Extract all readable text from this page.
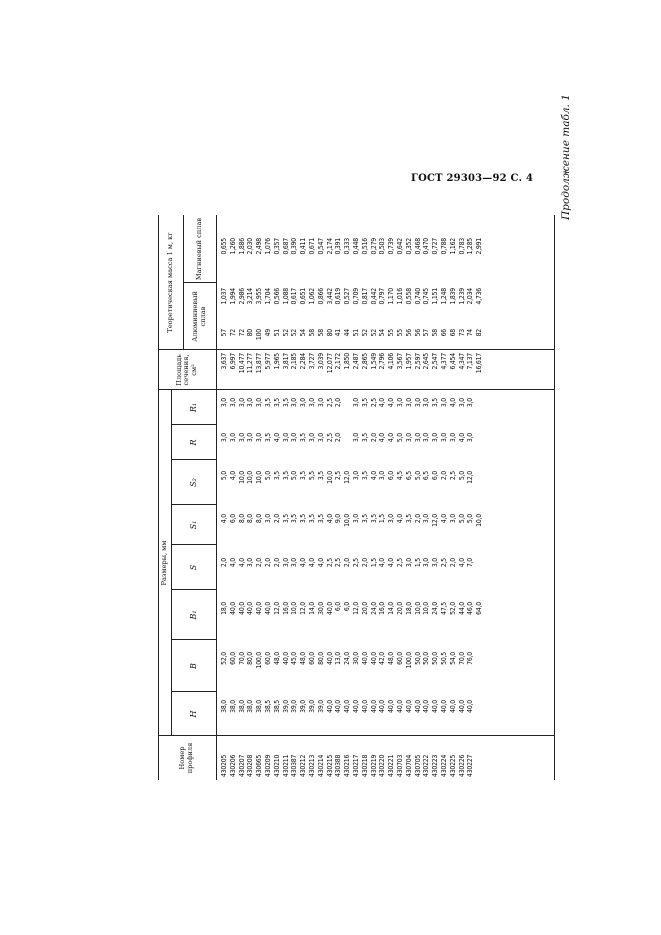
ГОСТ 29303—92 С. 4	Продолжение табл. 1
Номер профиля
Размеры, мм
H
B
B₁
S
S₁
S₂
R
R₁
Площадь сечения, см²
Теоретическая масса 1 м, кг	Алюминиевый сплав
Магниевый сплав
430205 430206 430207 430208 430665 430209 430210 430211 430387 430212 430213 430214 430215 430388 430216 430217 430218 430219 430220 430221 430703 430704 430705 430222 430223 430224 430225 430226 430227
38,0 38,0 38,0 38,0 38,0 38,5 38,5 39,0 39,0 39,0 39,0 39,0 40,0 40,0 40,0 40,0 40,0 40,0 40,0 40,0 40,0 40,0 40,0 40,0 40,0 40,0 40,0 40,0 40,0
52,0 60,0 70,0 80,0 100,0 60,0 48,0 40,0 45,0 48,0 60,0 80,0 40,0 13,0 24,0 30,0 40,0 40,0 42,0 48,0 60,0 100,0 50,0 50,0 50,0 50,5 54,0 70,0 76,0
18,0 40,0 40,0 40,0 40,0 40,0 12,0 16,0 10,0 12,0 14,0 30,0 40,0 6,0 6,0 12,0 20,0 24,0 16,0 14,0 20,0 18,0 10,0 10,0 24,0 47,5 52,0 44,0 46,0 64,0
2,0 4,0 4,0 3,0 2,0 2,0 2,0 3,0 3,0 4,0 4,0 4,0 2,5 2,5 2,0 2,5 2,0 1,5 4,0 4,0 2,5 3,0 1,5 3,0 3,0 2,5 2,0 4,0 7,0
4,0 6,0 8,0 8,0 8,0 3,0 2,0 3,5 3,5 3,5 3,5 3,5 4,0 9,0 10,0 3,0 3,5 3,5 1,5 3,0 4,0 3,5 2,0 3,0 12,0 4,0 3,0 5,0 5,0 10,0
5,0 4,0 10,0 10,0 10,0 5,0 3,5 3,5 5,0 3,5 5,5 3,5 10,0 2,5 12,0 3,0 3,5 4,0 3,0 6,0 4,5 6,5 5,0 6,5 6,0 2,0 2,5 5,0 12,0
3,0 3,0 3,0 3,0 3,0 3,5 4,0 3,0 3,0 3,5 3,0 3,0 2,5 2,0 3,0 3,5 2,0 4,0 4,0 5,0 3,0 3,0 3,0 3,0 3,0 3,0 4,0 3,0
3,0 3,0 3,0 3,0 3,0 3,5 3,5 3,5 3,0 3,0 3,0 3,0 2,5 2,0 3,0 3,5 2,5 4,0 4,0 3,0 3,0 3,0 3,0 3,5 3,0 4,0 3,0 3,0
3,637 6,997 10,477 11,277 13,877 5,977 1,965 3,817 2,185 2,284 3,727 3,039 12,077 2,172 1,850 2,487 2,865 1,549 2,796 4,106 3,567 1,957 2,597 2,645 2,547 4,377 6,454 4,347 7,137 16,617
57 72 72 80 100 49 51 52 52 54 58 58 80 41 44 51 52 52 54 55 55 56 56 57 58 66 68 73 74 82
1,037 1,994 2,986 3,214 3,955 1,704 0,566 1,088 0,617 0,651 1,062 0,866 3,442 0,619 0,527 0,709 0,817 0,442 0,797 1,170 1,016 0,558 0,740 0,745 1,151 1,248 1,839 1,239 2,034 4,736
0,655 1,260 1,886 2,030 2,498 1,076 0,357 0,687 0,390 0,411 0,671 0,547 2,174 0,391 0,333 0,448 0,516 0,279 0,503 0,739 0,642 0,352 0,468 0,470 0,727 0,788 1,162 0,783 1,285 2,991
